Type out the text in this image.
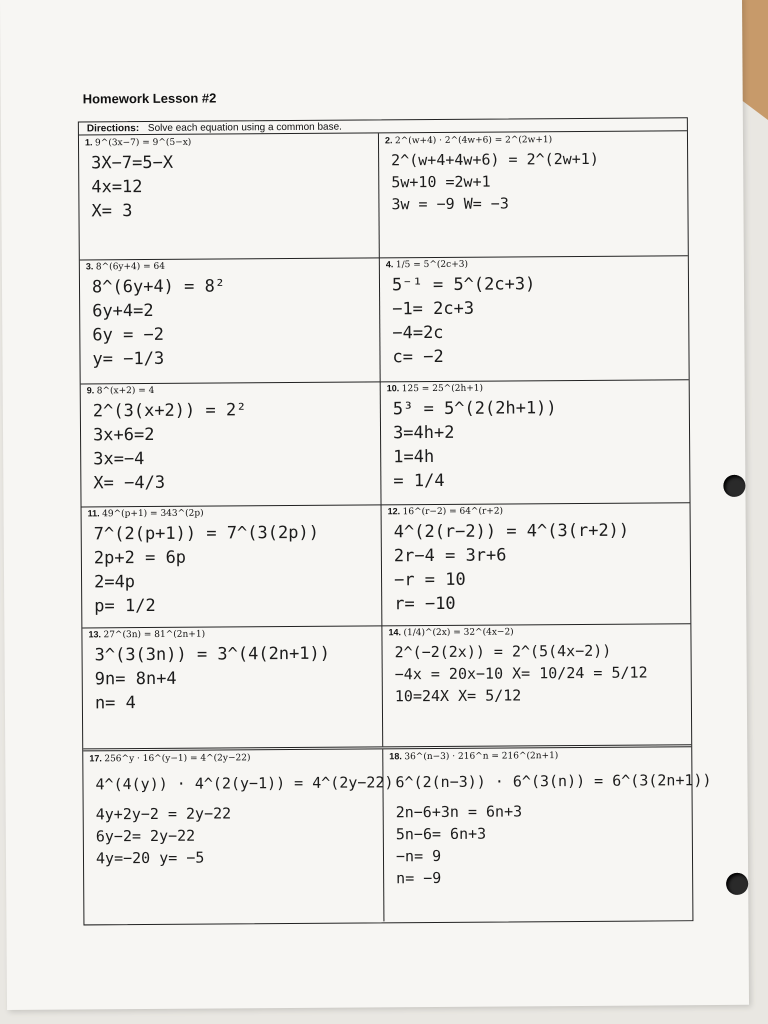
Homework Lesson #2
Directions: Solve each equation using a common base.
1. 9^(3x−7) = 9^(5−x)
3X−7=5−X
4x=12
X= 3
2. 2^(w+4) · 2^(4w+6) = 2^(2w+1)
2^(w+4+4w+6) = 2^(2w+1)
5w+10 =2w+1
3w = −9 W= −3
3. 8^(6y+4) = 64
8^(6y+4) = 8²
6y+4=2
6y = −2
y= −1/3
4. 1/5 = 5^(2c+3)
5⁻¹ = 5^(2c+3)
−1= 2c+3
−4=2c
c= −2
9. 8^(x+2) = 4
2^(3(x+2)) = 2²
3x+6=2
3x=−4
X= −4/3
10. 125 = 25^(2h+1)
5³ = 5^(2(2h+1))
3=4h+2
1=4h
= 1/4
11. 49^(p+1) = 343^(2p)
7^(2(p+1)) = 7^(3(2p))
2p+2 = 6p
2=4p
p= 1/2
12. 16^(r−2) = 64^(r+2)
4^(2(r−2)) = 4^(3(r+2))
2r−4 = 3r+6
−r = 10
r= −10
13. 27^(3n) = 81^(2n+1)
3^(3(3n)) = 3^(4(2n+1))
9n= 8n+4
n= 4
14. (1/4)^(2x) = 32^(4x−2)
2^(−2(2x)) = 2^(5(4x−2))
−4x = 20x−10 X= 10/24 = 5/12
10=24X X= 5/12
17. 256^y · 16^(y−1) = 4^(2y−22)
4^(4(y)) · 4^(2(y−1)) = 4^(2y−22)
4y+2y−2 = 2y−22
6y−2= 2y−22
4y=−20 y= −5
18. 36^(n−3) · 216^n = 216^(2n+1)
6^(2(n−3)) · 6^(3(n)) = 6^(3(2n+1))
2n−6+3n = 6n+3
5n−6= 6n+3
−n= 9
n= −9
